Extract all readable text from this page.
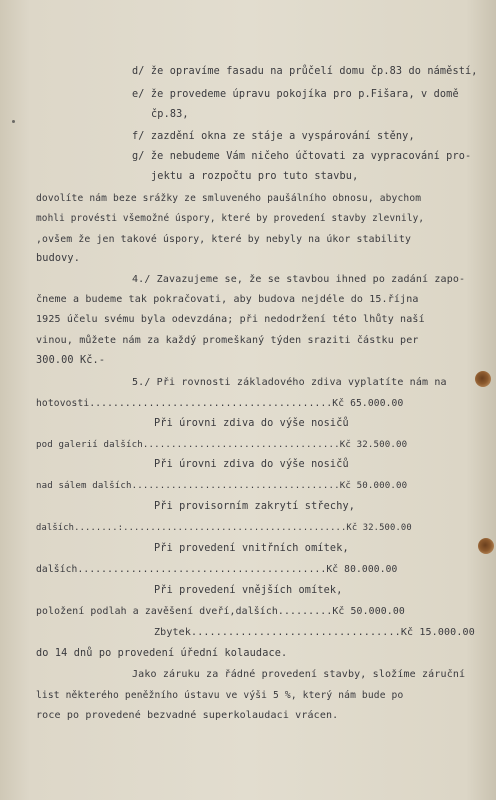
d/ že opravíme fasadu na průčelí domu čp.83 do náměstí,
e/ že provedeme úpravu pokojíka pro p.Fišara, v domě
čp.83,
f/ zazdění okna ze stáje a vyspárování stěny,
g/ že nebudeme Vám ničeho účtovati za vypracování pro-
jektu a rozpočtu pro tuto stavbu,
dovolíte nám beze srážky ze smluveného paušálního obnosu, abychom
mohli provésti všemožné úspory, které by provedení stavby zlevnily,
,ovšem že jen takové úspory, které by nebyly na úkor stability
budovy.
4./ Zavazujeme se, že se stavbou ihned po zadání zapo-
čneme a budeme tak pokračovati, aby budova nejdéle do 15.října
1925 účelu svému byla odevzdána; při nedodržení této lhůty naší
vinou, můžete nám za každý promeškaný týden sraziti částku per
300.00 Kč.-
5./ Při rovnosti základového zdiva vyplatíte nám na
hotovosti.........................................Kč 65.000.00
Při úrovni zdiva do výše nosičů
pod galerií dalších...................................Kč 32.500.00
Při úrovni zdiva do výše nosičů
nad sálem dalších.....................................Kč 50.000.00
Při provisorním zakrytí střechy,
dalších........:.........................................Kč 32.500.00
Při provedení vnitřních omítek,
dalších..........................................Kč 80.000.00
Při provedení vnějších omítek,
položení podlah a zavěšení dveří,dalších.........Kč 50.000.00
Zbytek..................................Kč 15.000.00
do 14 dnů po provedení úřední kolaudace.
Jako záruku za řádné provedení stavby, složíme záruční
list některého peněžního ústavu ve výši 5 %, který nám bude po
roce po provedené bezvadné superkolaudaci vrácen.
